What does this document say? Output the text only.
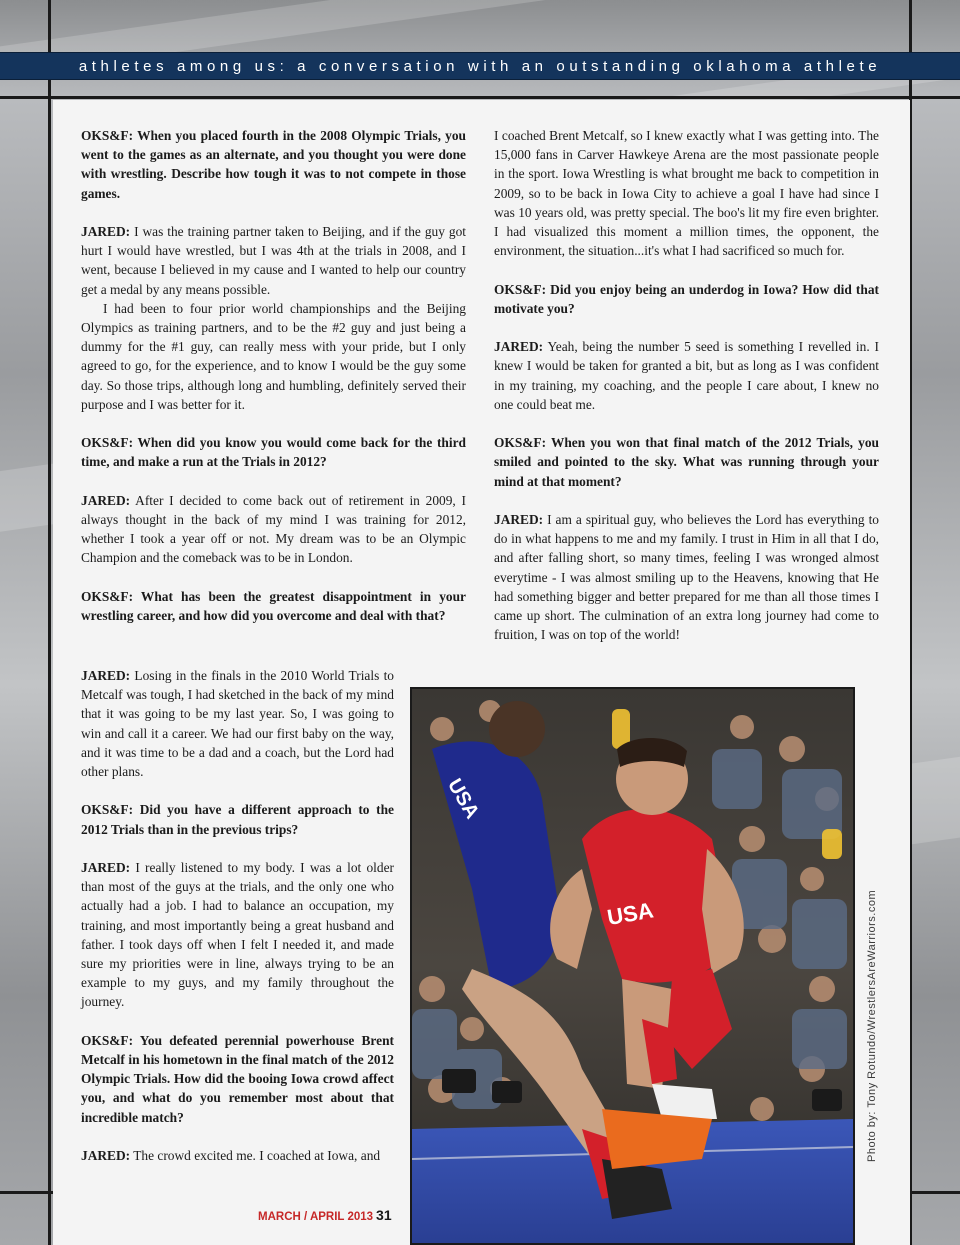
athletes among us: a conversation with an outstanding oklahoma athlete

OKS&F: When you placed fourth in the 2008 Olympic Trials, you went to the games as an alternate, and you thought you were done with wrestling. Describe how tough it was to not compete in those games.

JARED: I was the training partner taken to Beijing, and if the guy got hurt I would have wrestled, but I was 4th at the trials in 2008, and I went, because I believed in my cause and I wanted to help our country get a medal by any means possible.

I had been to four prior world championships and the Beijing Olympics as training partners, and to be the #2 guy and just being a dummy for the #1 guy, can really mess with your pride, but I only agreed to go, for the experience, and to know I would be the guy some day. So those trips, although long and humbling, definitely served their purpose and I was better for it.

OKS&F: When did you know you would come back for the third time, and make a run at the Trials in 2012?

JARED: After I decided to come back out of retirement in 2009, I always thought in the back of my mind I was training for 2012, whether I took a year off or not. My dream was to be an Olympic Champion and the comeback was to be in London.

OKS&F: What has been the greatest disappointment in your wrestling career, and how did you overcome and deal with that?

JARED: Losing in the finals in the 2010 World Trials to Metcalf was tough, I had sketched in the back of my mind that it was going to be my last year. So, I was going to win and call it a career. We had our first baby on the way, and it was time to be a dad and a coach, but the Lord had other plans.

OKS&F: Did you have a different approach to the 2012 Trials than in the previous trips?

JARED: I really listened to my body. I was a lot older than most of the guys at the trials, and the only one who actually had a job. I had to balance an occupation, my training, and most importantly being a great husband and father. I took days off when I felt I needed it, and made sure my priorities were in line, always trying to be an example to my guys, and my family throughout the journey.

OKS&F: You defeated perennial powerhouse Brent Metcalf in his hometown in the final match of the 2012 Olympic Trials. How did the booing Iowa crowd affect you, and what do you remember most about that incredible match?

JARED: The crowd excited me. I coached at Iowa, and

I coached Brent Metcalf, so I knew exactly what I was getting into. The 15,000 fans in Carver Hawkeye Arena are the most passionate people in the sport. Iowa Wrestling is what brought me back to competition in 2009, so to be back in Iowa City to achieve a goal I have had since I was 10 years old, was pretty special. The boo's lit my fire even brighter. I had visualized this moment a million times, the opponent, the environment, the situation...it's what I had sacrificed so much for.

OKS&F: Did you enjoy being an underdog in Iowa? How did that motivate you?

JARED: Yeah, being the number 5 seed is something I revelled in. I knew I would be taken for granted a bit, but as long as I was confident in my training, my coaching, and the people I care about, I knew no one could beat me.

OKS&F: When you won that final match of the 2012 Trials, you smiled and pointed to the sky. What was running through your mind at that moment?

JARED: I am a spiritual guy, who believes the Lord has everything to do in what happens to me and my family. I trust in Him in all that I do, and after falling short, so many times, feeling I was wronged almost everytime - I was almost smiling up to the Heavens, knowing that He had something bigger and better prepared for me than all those times I came up short. The culmination of an extra long journey had come to fruition, I was on top of the world!

USA
USA	Photo by: Tony Rotundo/WrestlersAreWarriors.com
MARCH / APRIL 2013 31
